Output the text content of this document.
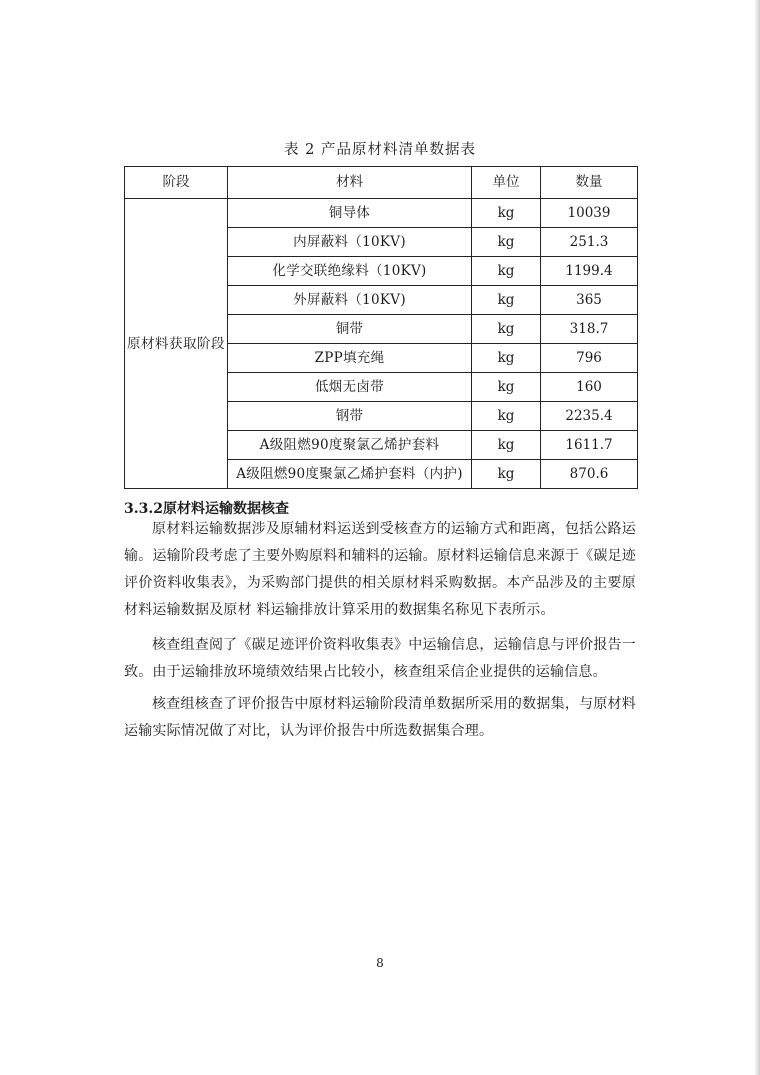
表 2 产品原材料清单数据表
阶段	材料	单位	数量
原材料获取阶段	铜导体	kg	10039
	内屏蔽料（10KV)	kg	251.3
	化学交联绝缘料（10KV)	kg	1199.4
	外屏蔽料（10KV)	kg	365
	铜带	kg	318.7
	ZPP填充绳	kg	796
	低烟无卤带	kg	160
	钢带	kg	2235.4
	A级阻燃90度聚氯乙烯护套料	kg	1611.7
	A级阻燃90度聚氯乙烯护套料（内护)	kg	870.6
3.3.2原材料运输数据核查

原材料运输数据涉及原辅材料运送到受核查方的运输方式和距离，包括公路运输。运输阶段考虑了主要外购原料和辅料的运输。原材料运输信息来源于《碳足迹评价资料收集表》，为采购部门提供的相关原材料采购数据。本产品涉及的主要原材料运输数据及原材 料运输排放计算采用的数据集名称见下表所示。

核查组查阅了《碳足迹评价资料收集表》中运输信息，运输信息与评价报告一致。由于运输排放环境绩效结果占比较小，核查组采信企业提供的运输信息。

核查组核查了评价报告中原材料运输阶段清单数据所采用的数据集，与原材料运输实际情况做了对比，认为评价报告中所选数据集合理。

8
